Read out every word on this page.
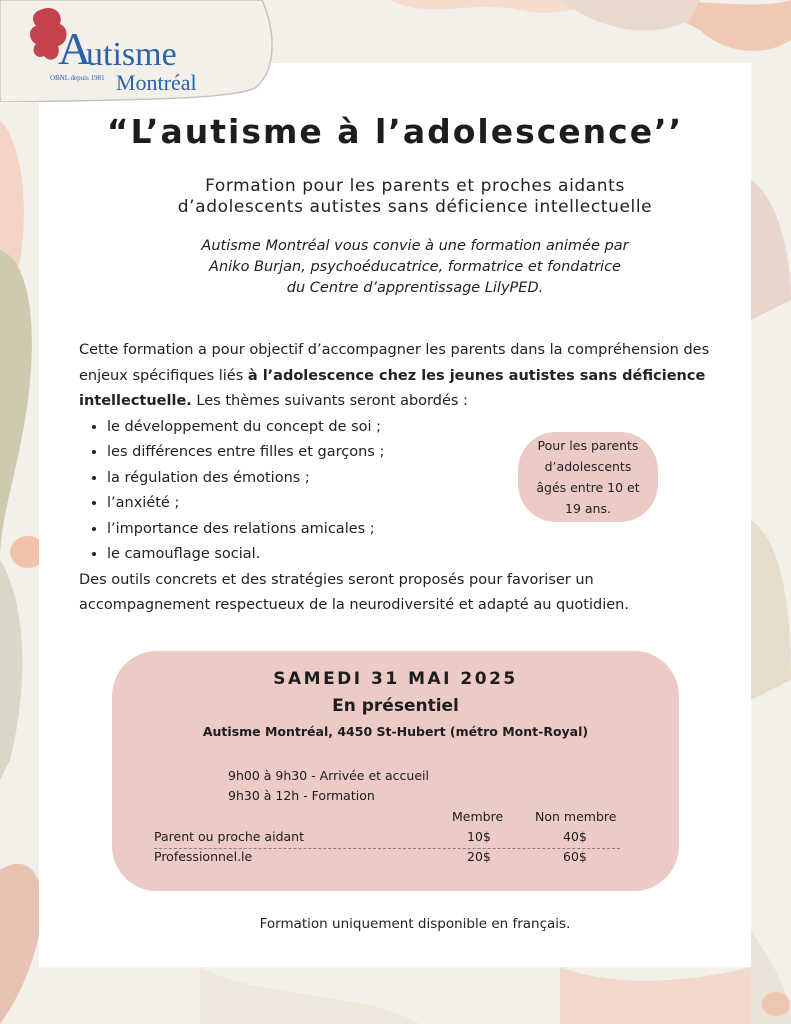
A
utisme
Montréal
OBNL depuis 1981
“L’autisme à l’adolescence’’
Formation pour les parents et proches aidants
d’adolescents autistes sans déficience intellectuelle
Autisme Montréal vous convie à une formation animée par
Aniko Burjan, psychoéducatrice, formatrice et fondatrice
du Centre d’apprentissage LilyPED.
Cette formation a pour objectif d’accompagner les parents dans la compréhension des enjeux spécifiques liés à l’adolescence chez les jeunes autistes sans déficience intellectuelle. Les thèmes suivants seront abordés :
• le développement du concept de soi ;
• les différences entre filles et garçons ;
• la régulation des émotions ;
• l’anxiété ;
• l’importance des relations amicales ;
• le camouflage social.
Des outils concrets et des stratégies seront proposés pour favoriser un accompagnement respectueux de la neurodiversité et adapté au quotidien.
Pour les parents
d’adolescents
âgés entre 10 et
19 ans.
SAMEDI 31 MAI 2025
En présentiel
Autisme Montréal, 4450 St-Hubert (métro Mont-Royal)
9h00 à 9h30 - Arrivée et accueil
9h30 à 12h - Formation
Membre	Non membre
Parent ou proche aidant	10$	40$
Professionnel.le	20$	60$
Formation uniquement disponible en français.
